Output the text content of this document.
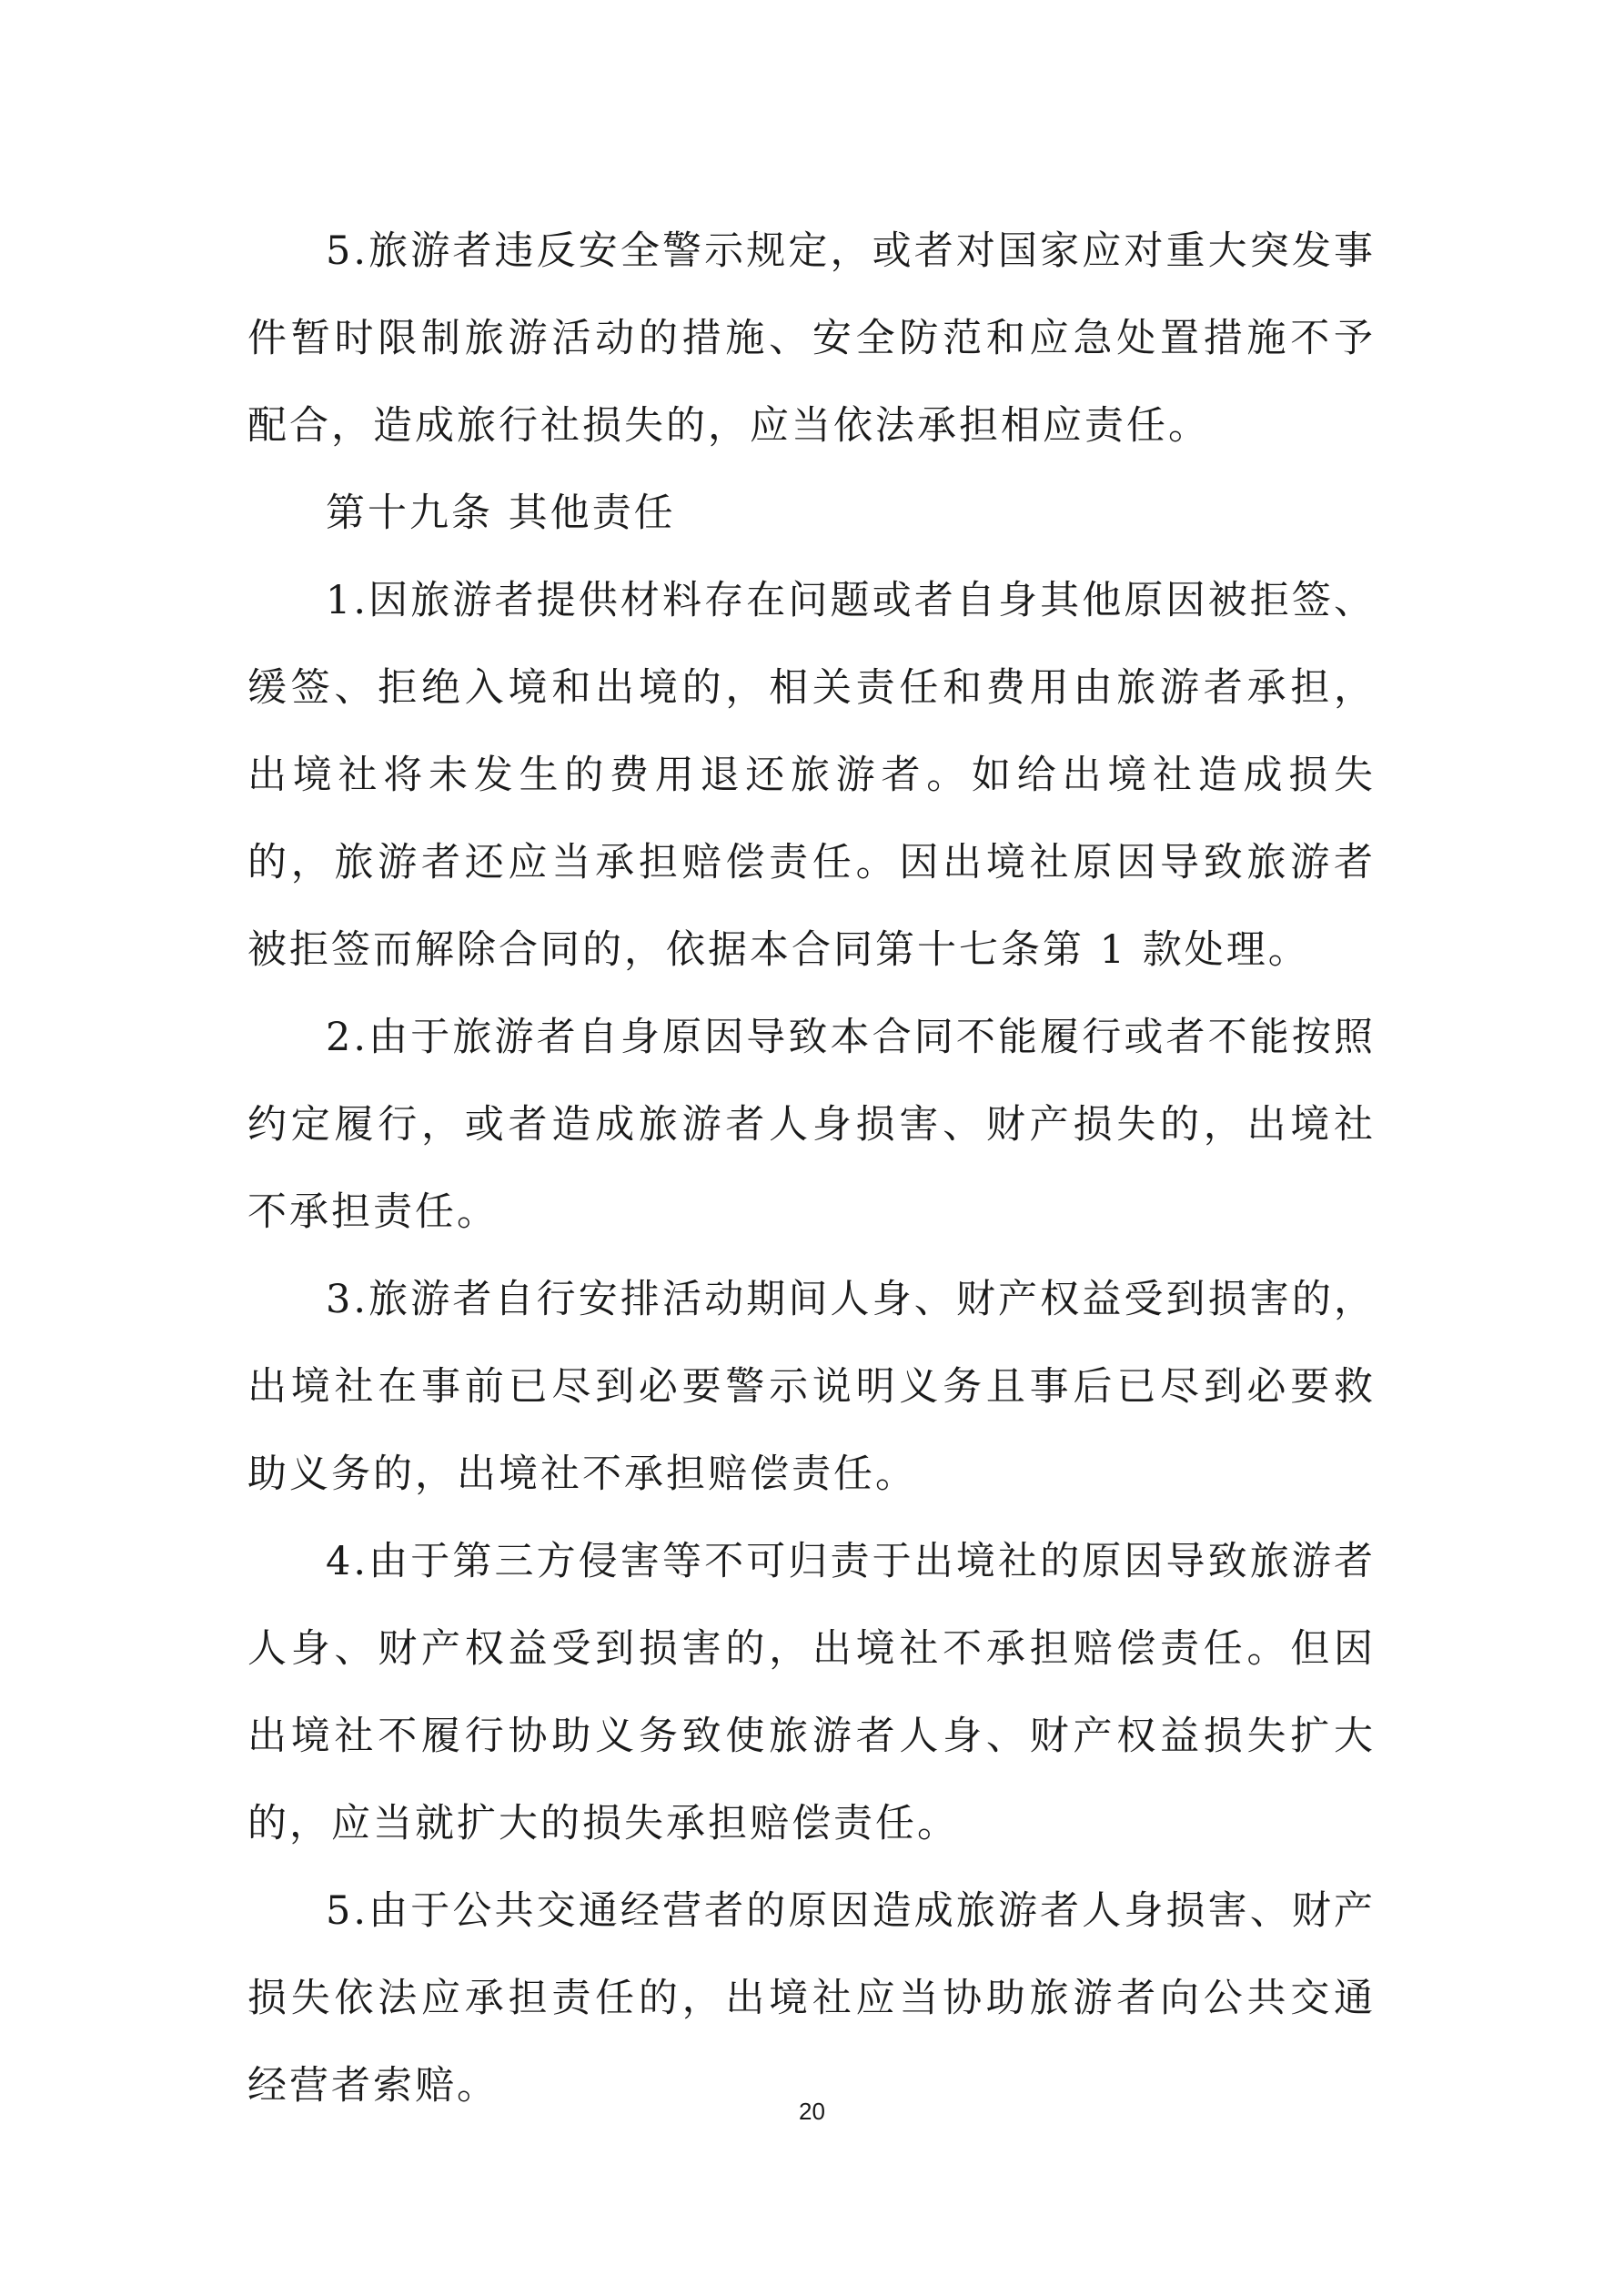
5.旅游者违反安全警示规定，或者对国家应对重大突发事件暂时限制旅游活动的措施、安全防范和应急处置措施不予配合，造成旅行社损失的，应当依法承担相应责任。

第十九条 其他责任

1.因旅游者提供材料存在问题或者自身其他原因被拒签、缓签、拒绝入境和出境的，相关责任和费用由旅游者承担，出境社将未发生的费用退还旅游者。如给出境社造成损失的，旅游者还应当承担赔偿责任。因出境社原因导致旅游者被拒签而解除合同的，依据本合同第十七条第 1 款处理。

2.由于旅游者自身原因导致本合同不能履行或者不能按照约定履行，或者造成旅游者人身损害、财产损失的，出境社不承担责任。

3.旅游者自行安排活动期间人身、财产权益受到损害的，出境社在事前已尽到必要警示说明义务且事后已尽到必要救助义务的，出境社不承担赔偿责任。

4.由于第三方侵害等不可归责于出境社的原因导致旅游者人身、财产权益受到损害的，出境社不承担赔偿责任。但因出境社不履行协助义务致使旅游者人身、财产权益损失扩大的，应当就扩大的损失承担赔偿责任。

5.由于公共交通经营者的原因造成旅游者人身损害、财产损失依法应承担责任的，出境社应当协助旅游者向公共交通经营者索赔。

20
